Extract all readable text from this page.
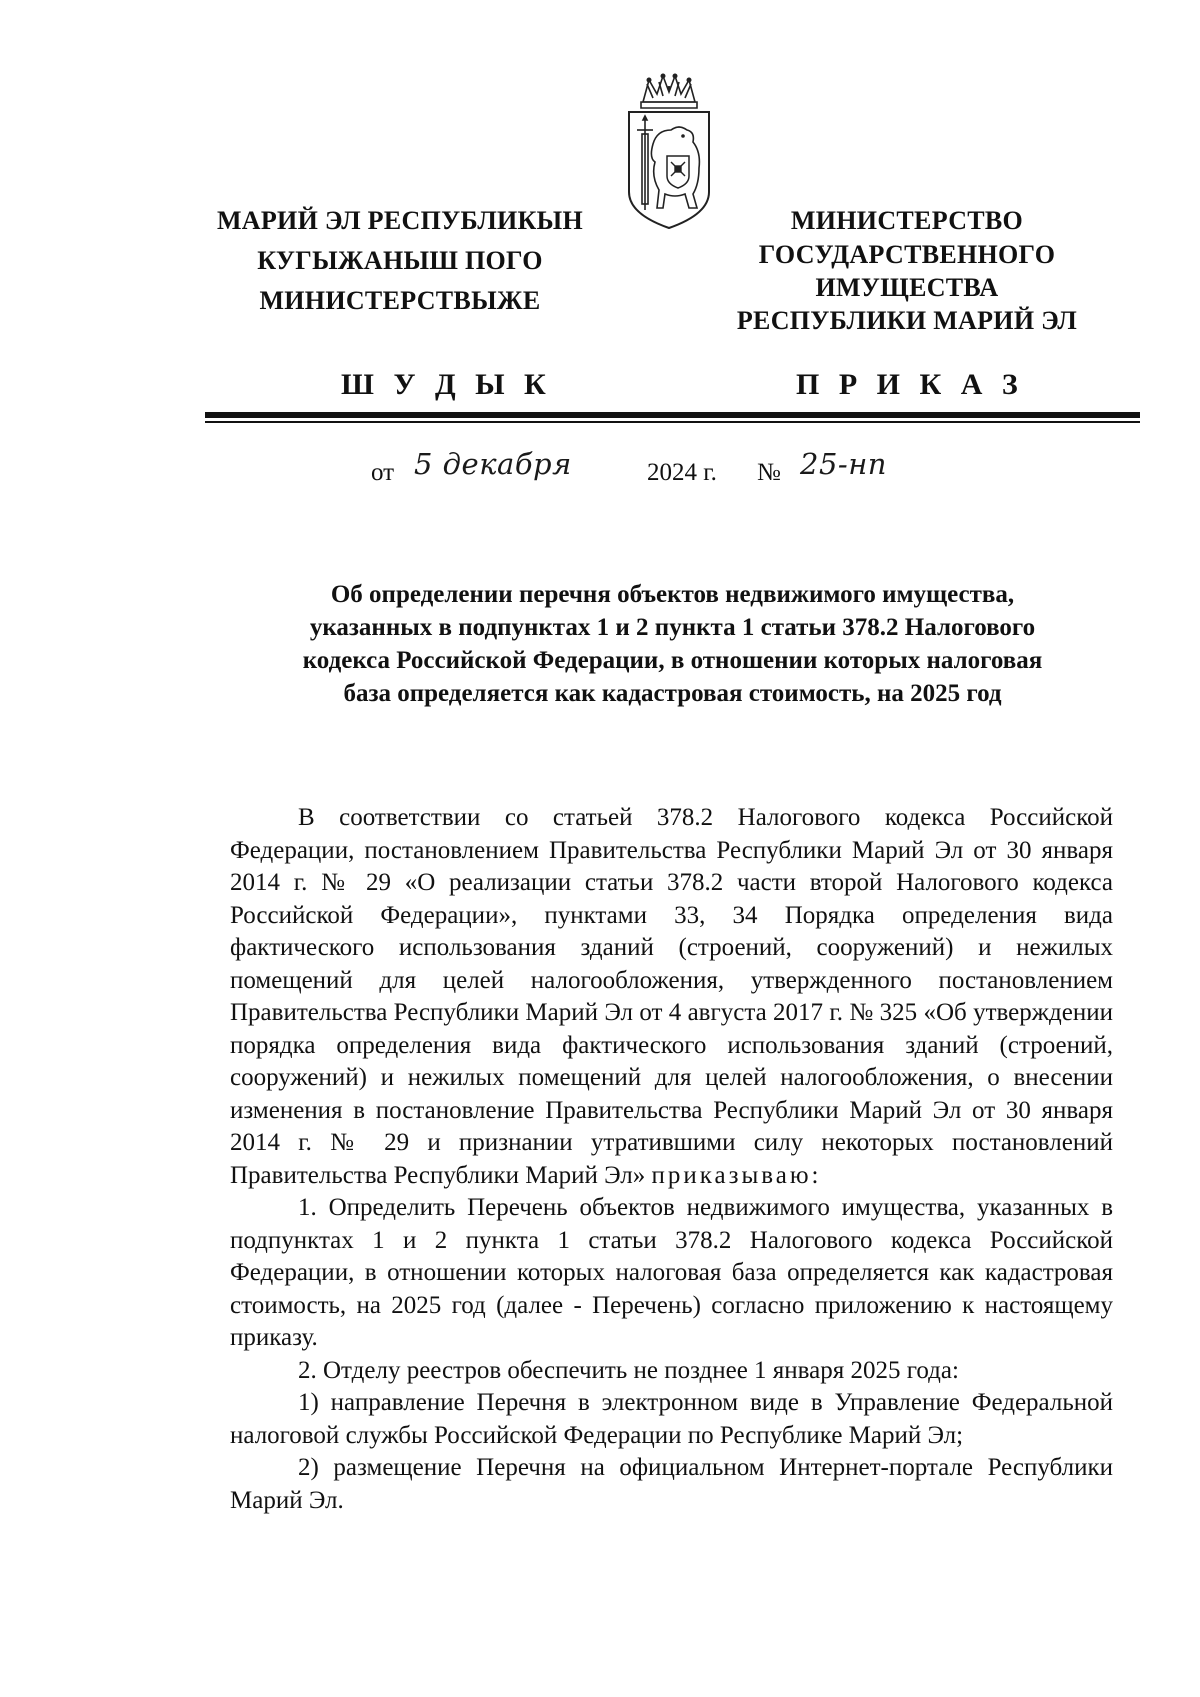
МАРИЙ ЭЛ РЕСПУБЛИКЫН
КУГЫЖАНЫШ ПОГО
МИНИСТЕРСТВЫЖЕ
МИНИСТЕРСТВО
ГОСУДАРСТВЕННОГО
ИМУЩЕСТВА
РЕСПУБЛИКИ МАРИЙ ЭЛ
Ш У Д Ы К	П Р И К А З
от 5 декабря	2024 г. № 25-нп
Об определении перечня объектов недвижимого имущества,
указанных в подпунктах 1 и 2 пункта 1 статьи 378.2 Налогового
кодекса Российской Федерации, в отношении которых налоговая
база определяется как кадастровая стоимость, на 2025 год

В соответствии со статьей 378.2 Налогового кодекса Российской Федерации, постановлением Правительства Республики Марий Эл от 30 января 2014 г. № 29 «О реализации статьи 378.2 части второй Налогового кодекса Российской Федерации», пунктами 33, 34 Порядка определения вида фактического использования зданий (строений, сооружений) и нежилых помещений для целей налогообложения, утвержденного постановлением Правительства Республики Марий Эл от 4 августа 2017 г. № 325 «Об утверждении порядка определения вида фактического использования зданий (строений, сооружений) и нежилых помещений для целей налогообложения, о внесении изменения в постановление Правительства Республики Марий Эл от 30 января 2014 г. № 29 и признании утратившими силу некоторых постановлений Правительства Республики Марий Эл» приказываю:

1. Определить Перечень объектов недвижимого имущества, указанных в подпунктах 1 и 2 пункта 1 статьи 378.2 Налогового кодекса Российской Федерации, в отношении которых налоговая база определяется как кадастровая стоимость, на 2025 год (далее - Перечень) согласно приложению к настоящему приказу.

2. Отделу реестров обеспечить не позднее 1 января 2025 года:

1) направление Перечня в электронном виде в Управление Федеральной налоговой службы Российской Федерации по Республике Марий Эл;

2) размещение Перечня на официальном Интернет-портале Республики Марий Эл.
